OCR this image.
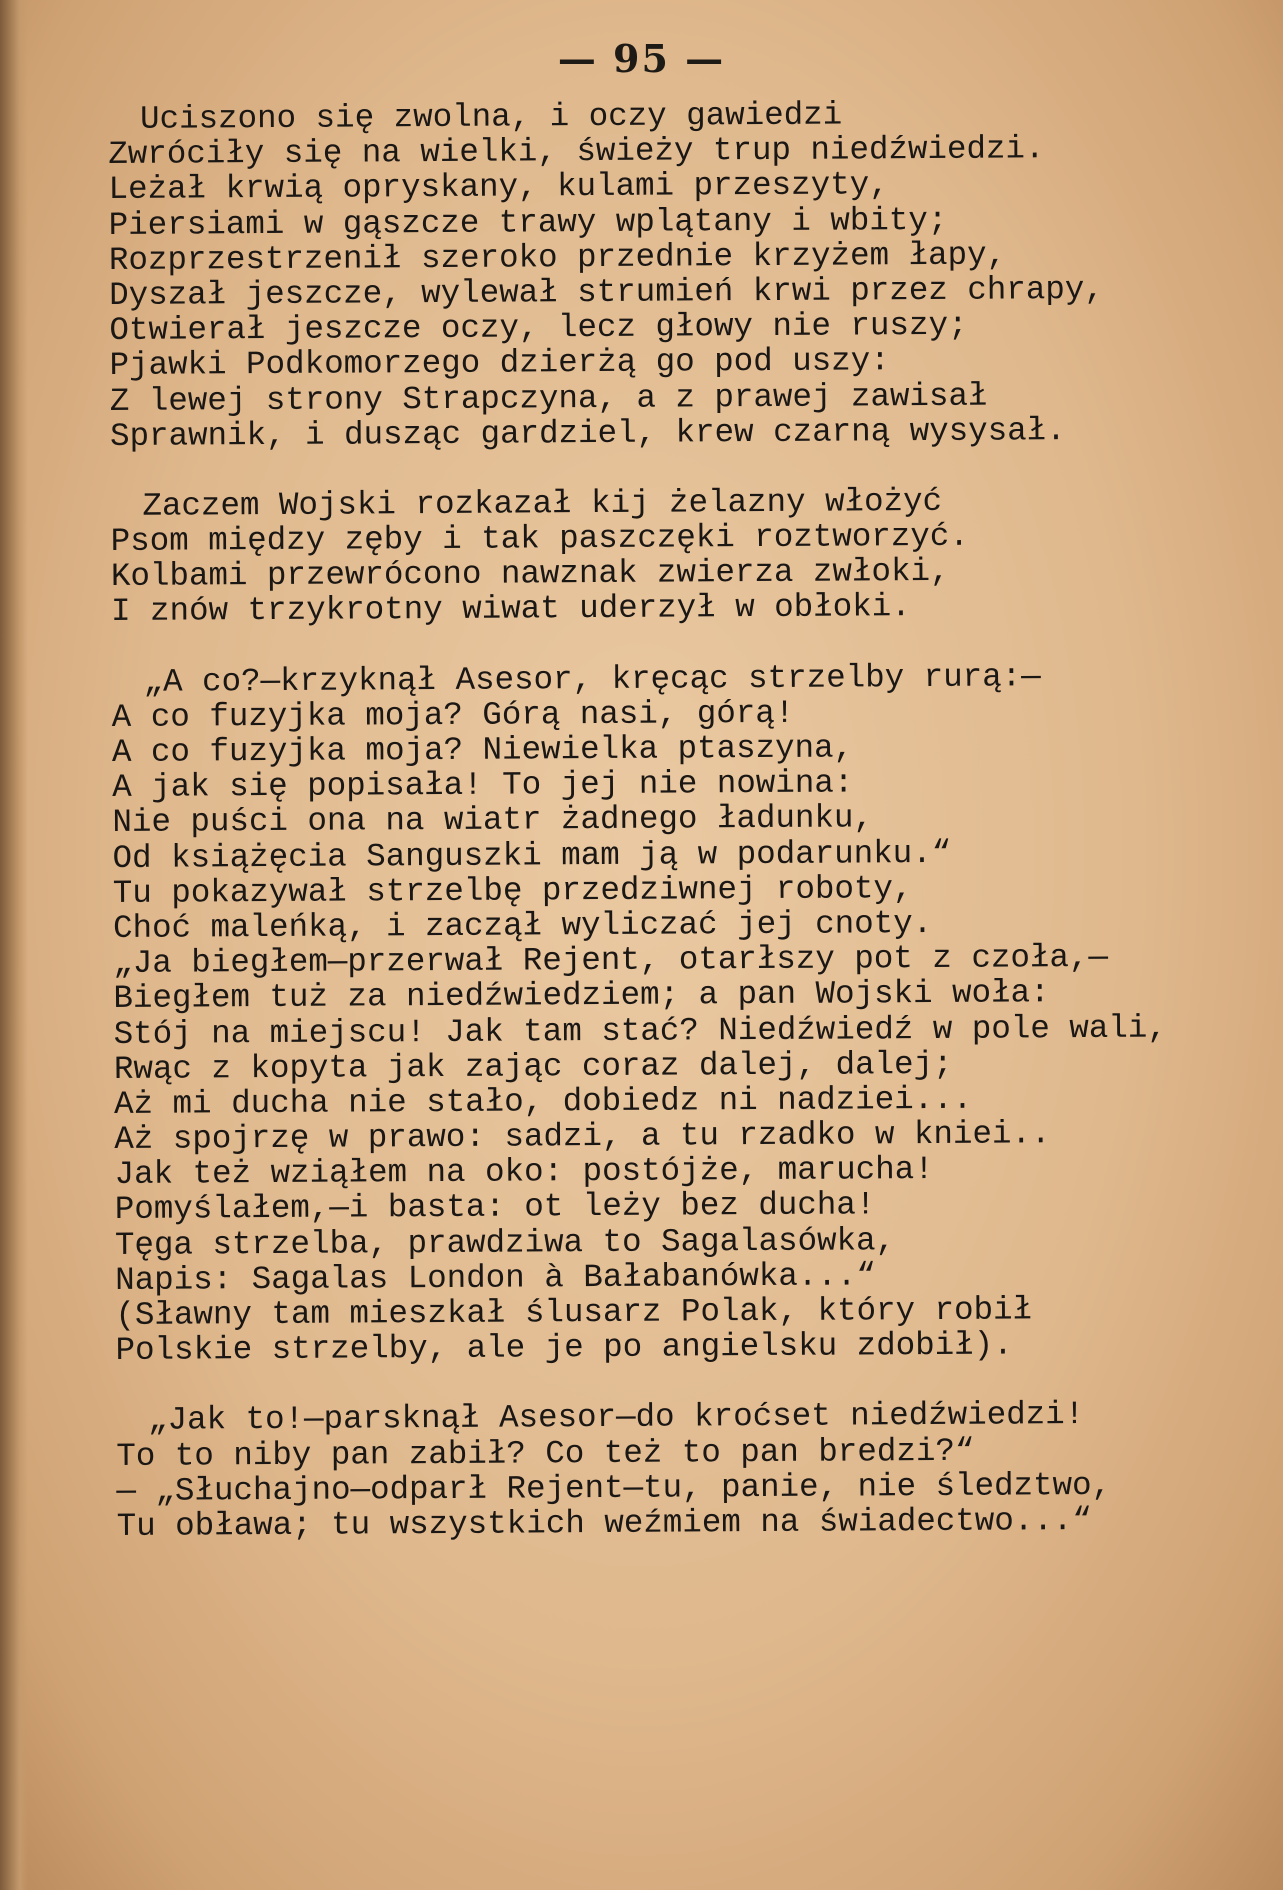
— 95 —
Uciszono się zwolna, i oczy gawiedzi
Zwróciły się na wielki, świeży trup niedźwiedzi.
Leżał krwią opryskany, kulami przeszyty,
Piersiami w gąszcze trawy wplątany i wbity;
Rozprzestrzenił szeroko przednie krzyżem łapy,
Dyszał jeszcze, wylewał strumień krwi przez chrapy,
Otwierał jeszcze oczy, lecz głowy nie ruszy;
Pjawki Podkomorzego dzierżą go pod uszy:
Z lewej strony Strapczyna, a z prawej zawisał
Sprawnik, i dusząc gardziel, krew czarną wysysał.
Zaczem Wojski rozkazał kij żelazny włożyć
Psom między zęby i tak paszczęki roztworzyć.
Kolbami przewrócono nawznak zwierza zwłoki,
I znów trzykrotny wiwat uderzył w obłoki.
„A co?—krzyknął Asesor, kręcąc strzelby rurą:—
A co fuzyjka moja? Górą nasi, górą!
A co fuzyjka moja? Niewielka ptaszyna,
A jak się popisała! To jej nie nowina:
Nie puści ona na wiatr żadnego ładunku,
Od książęcia Sanguszki mam ją w podarunku.“
Tu pokazywał strzelbę przedziwnej roboty,
Choć maleńką, i zaczął wyliczać jej cnoty.
„Ja biegłem—przerwał Rejent, otarłszy pot z czoła,—
Biegłem tuż za niedźwiedziem; a pan Wojski woła:
Stój na miejscu! Jak tam stać? Niedźwiedź w pole wali,
Rwąc z kopyta jak zając coraz dalej, dalej;
Aż mi ducha nie stało, dobiedz ni nadziei...
Aż spojrzę w prawo: sadzi, a tu rzadko w kniei..
Jak też wziąłem na oko: postójże, marucha!
Pomyślałem,—i basta: ot leży bez ducha!
Tęga strzelba, prawdziwa to Sagalasówka,
Napis: Sagalas London à Bałabanówka...“
(Sławny tam mieszkał ślusarz Polak, który robił
Polskie strzelby, ale je po angielsku zdobił).
„Jak to!—parsknął Asesor—do kroćset niedźwiedzi!
To to niby pan zabił? Co też to pan bredzi?“
— „Słuchajno—odparł Rejent—tu, panie, nie śledztwo,
Tu obława; tu wszystkich weźmiem na świadectwo...“
